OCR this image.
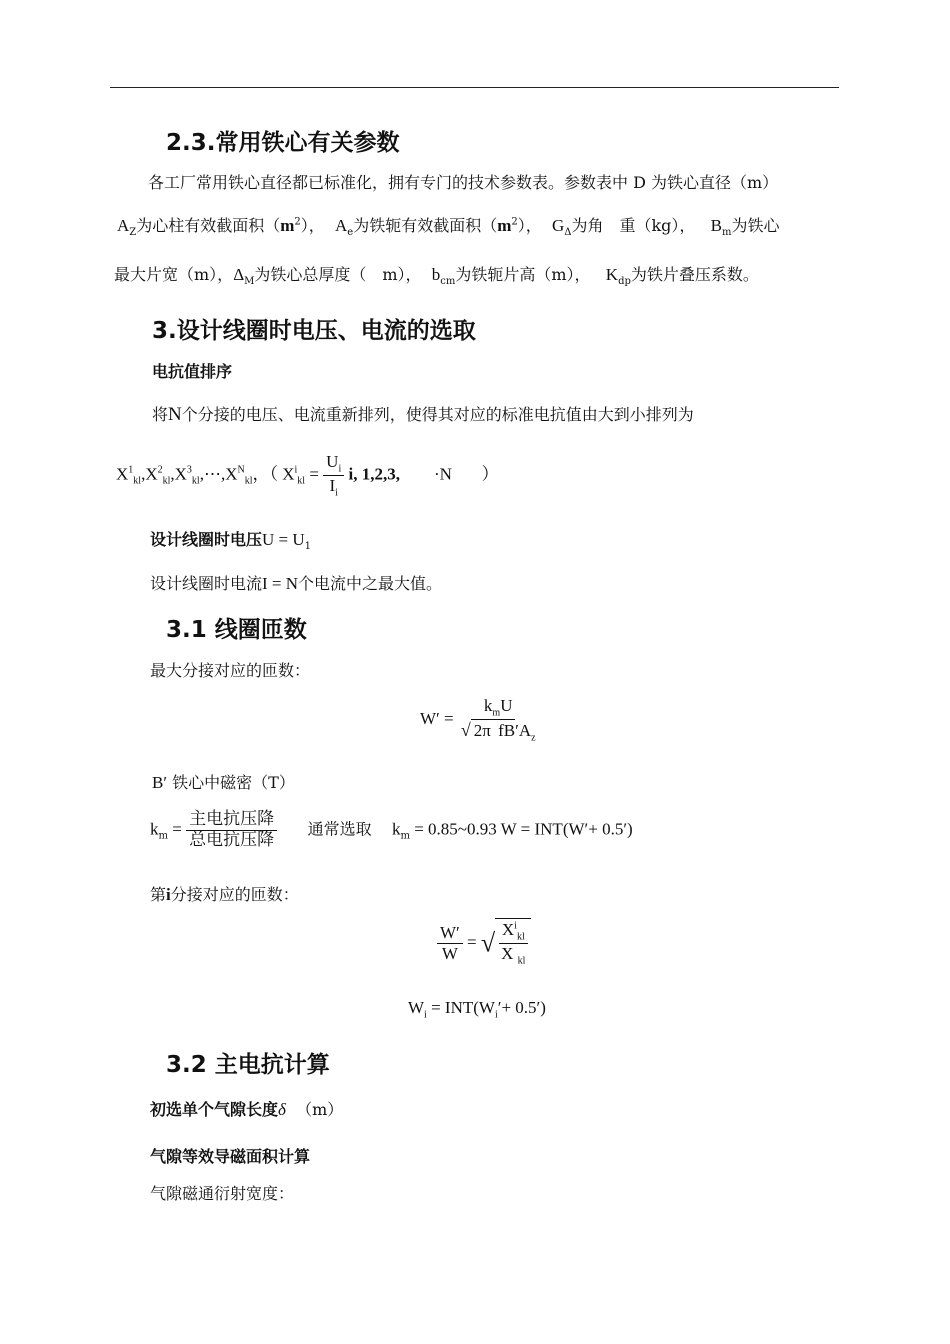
2.3.常用铁心有关参数
各工厂常用铁心直径都已标准化，拥有专门的技术参数表。参数表中 D 为铁心直径（m）
$A_Z$为心柱有效截面积$(m^2)$， $A_e$为铁轭有效截面积$(m^2)$， $G_\Delta$为角　重（kg）， $B_m$为铁心
最大片宽（m），$\Delta_M$为铁心总厚度（　m）， $b_{cm}$为铁轭片高（m）， $K_{dp}$为铁片叠压系数。
3.设计线圈时电压、电流的选取
电抗值排序
将N个分接的电压、电流重新排列，使得其对应的标准电抗值由大到小排列为
$X^1_{kl},X^2_{kl},X^3_{kl},\cdots,X^N_{kl}$，（ $X^i_{kl} = \frac{U_i}{I_i} i$, 1,2,3, ·N ）
设计线圈时电压$U = U_1$
设计线圈时电流I = N个电流中之最大值。
3.1 线圈匝数
最大分接对应的匝数：
$W' = \frac{k_mU}{√ 2\pi fB'A_z}$
B′ 铁心中磁密（T）
$k_m = \frac{\text{主电抗压降}}{\text{总电抗压降}}$ 通常选取 $k_m$ = 0.85~0.93 W = INT(W′+ 0.5′)
第i分接对应的匝数：
$\frac{W'}{W}$ = √ $\frac{X^i_{kl}}{X _{kl}}$
$W_i = INT(W_i'+ 0.5')$
3.2 主电抗计算
初选单个气隙长度δ （m）
气隙等效导磁面积计算
气隙磁通衍射宽度：
